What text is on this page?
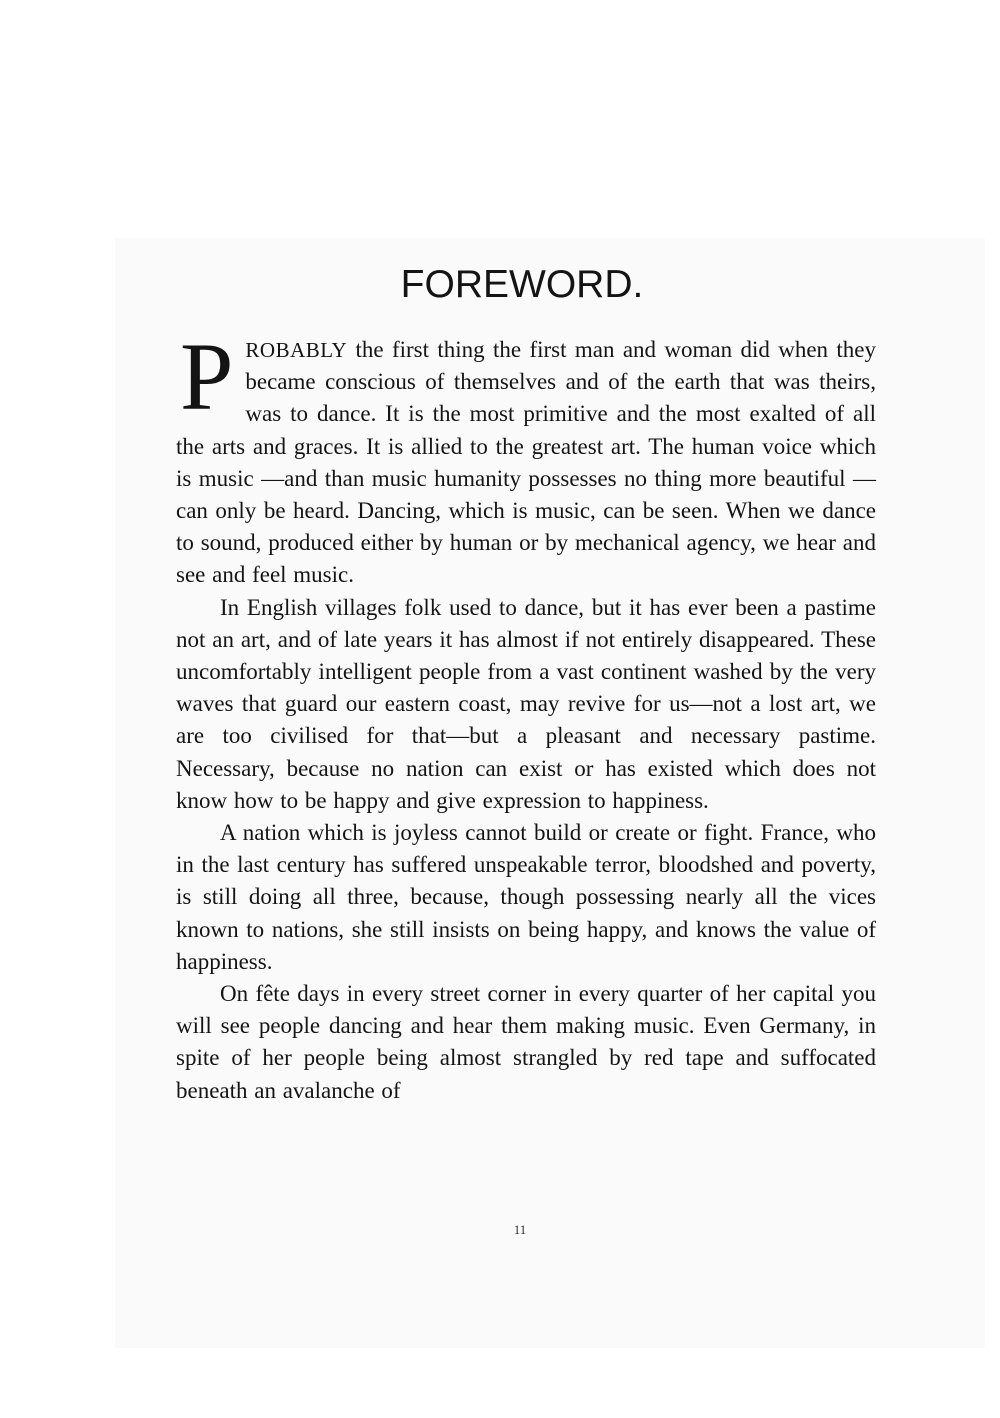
FOREWORD.

PROBABLY the first thing the first man and woman did when they became conscious of themselves and of the earth that was theirs, was to dance. It is the most primitive and the most exalted of all the arts and graces. It is allied to the greatest art. The human voice which is music —and than music humanity possesses no thing more beautiful —can only be heard. Dancing, which is music, can be seen. When we dance to sound, produced either by human or by mechanical agency, we hear and see and feel music.

In English villages folk used to dance, but it has ever been a pastime not an art, and of late years it has almost if not entirely disappeared. These uncomfortably intelligent people from a vast continent washed by the very waves that guard our eastern coast, may revive for us—not a lost art, we are too civilised for that—but a pleasant and necessary pastime. Necessary, because no nation can exist or has existed which does not know how to be happy and give expression to happiness.

A nation which is joyless cannot build or create or fight. France, who in the last century has suffered unspeakable terror, bloodshed and poverty, is still doing all three, because, though possessing nearly all the vices known to nations, she still insists on being happy, and knows the value of happiness.

On fête days in every street corner in every quarter of her capital you will see people dancing and hear them making music. Even Germany, in spite of her people being almost strangled by red tape and suffocated beneath an avalanche of

11
